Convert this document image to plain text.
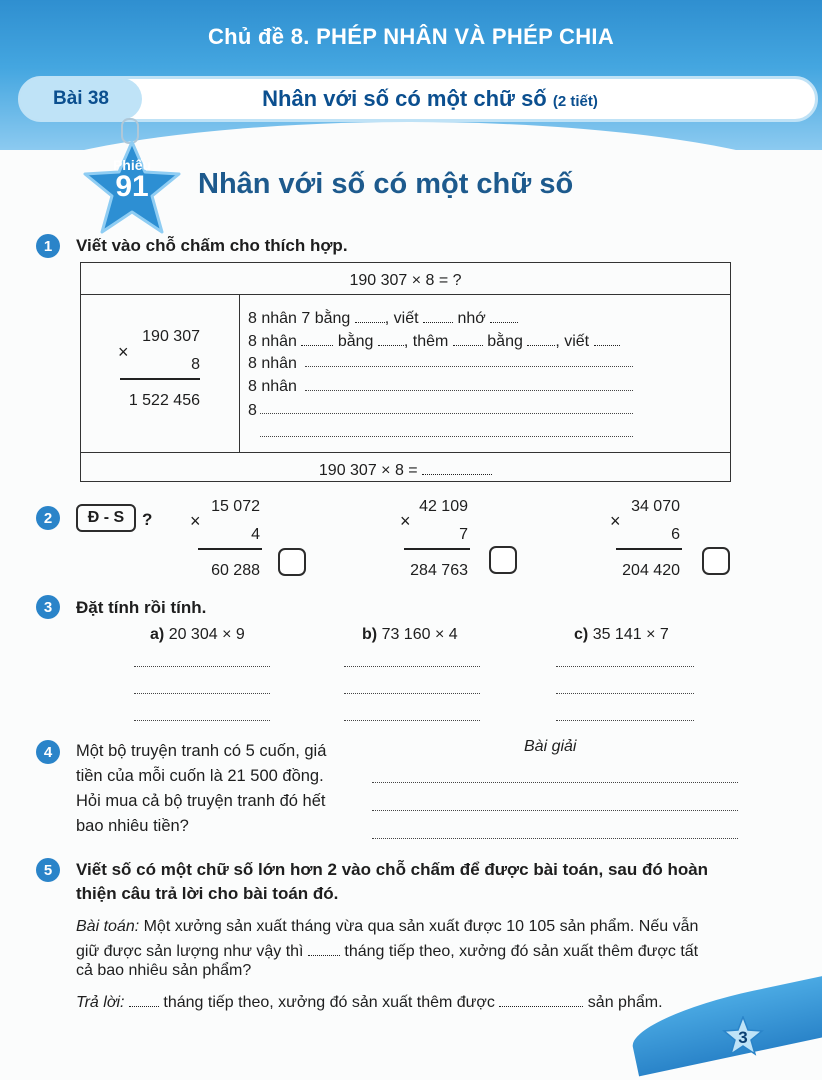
Chủ đề 8. PHÉP NHÂN VÀ PHÉP CHIA
Bài 38	Nhân với số có một chữ số (2 tiết)
Phiếu
91	Nhân với số có một chữ số
1	Viết vào chỗ chấm cho thích hợp.
190 307 × 8 = ?
190 307
×
8
1 522 456
8 nhân 7 bằng , viết nhớ
8 nhân	bằng , thêm bằng , viết
8 nhân
8 nhân
8
190 307 × 8 =
2	Đ - S	?
15 072
×
4
60 288
42 109
×
7
284 763
34 070
×
6
204 420
3	Đặt tính rồi tính.
a) 20 304 × 9	b) 73 160 × 4	c) 35 141 × 7
4	Một bộ truyện tranh có 5 cuốn, giá
tiền của mỗi cuốn là 21 500 đồng.
Hỏi mua cả bộ truyện tranh đó hết
bao nhiêu tiền?
Bài giải
5	Viết số có một chữ số lớn hơn 2 vào chỗ chấm để được bài toán, sau đó hoàn
thiện câu trả lời cho bài toán đó.
Bài toán: Một xưởng sản xuất tháng vừa qua sản xuất được 10 105 sản phẩm. Nếu vẫn
giữ được sản lượng như vậy thì	tháng tiếp theo, xưởng đó sản xuất thêm được tất
cả bao nhiêu sản phẩm?
Trả lời: tháng tiếp theo, xưởng đó sản xuất thêm được	sản phẩm.
3
